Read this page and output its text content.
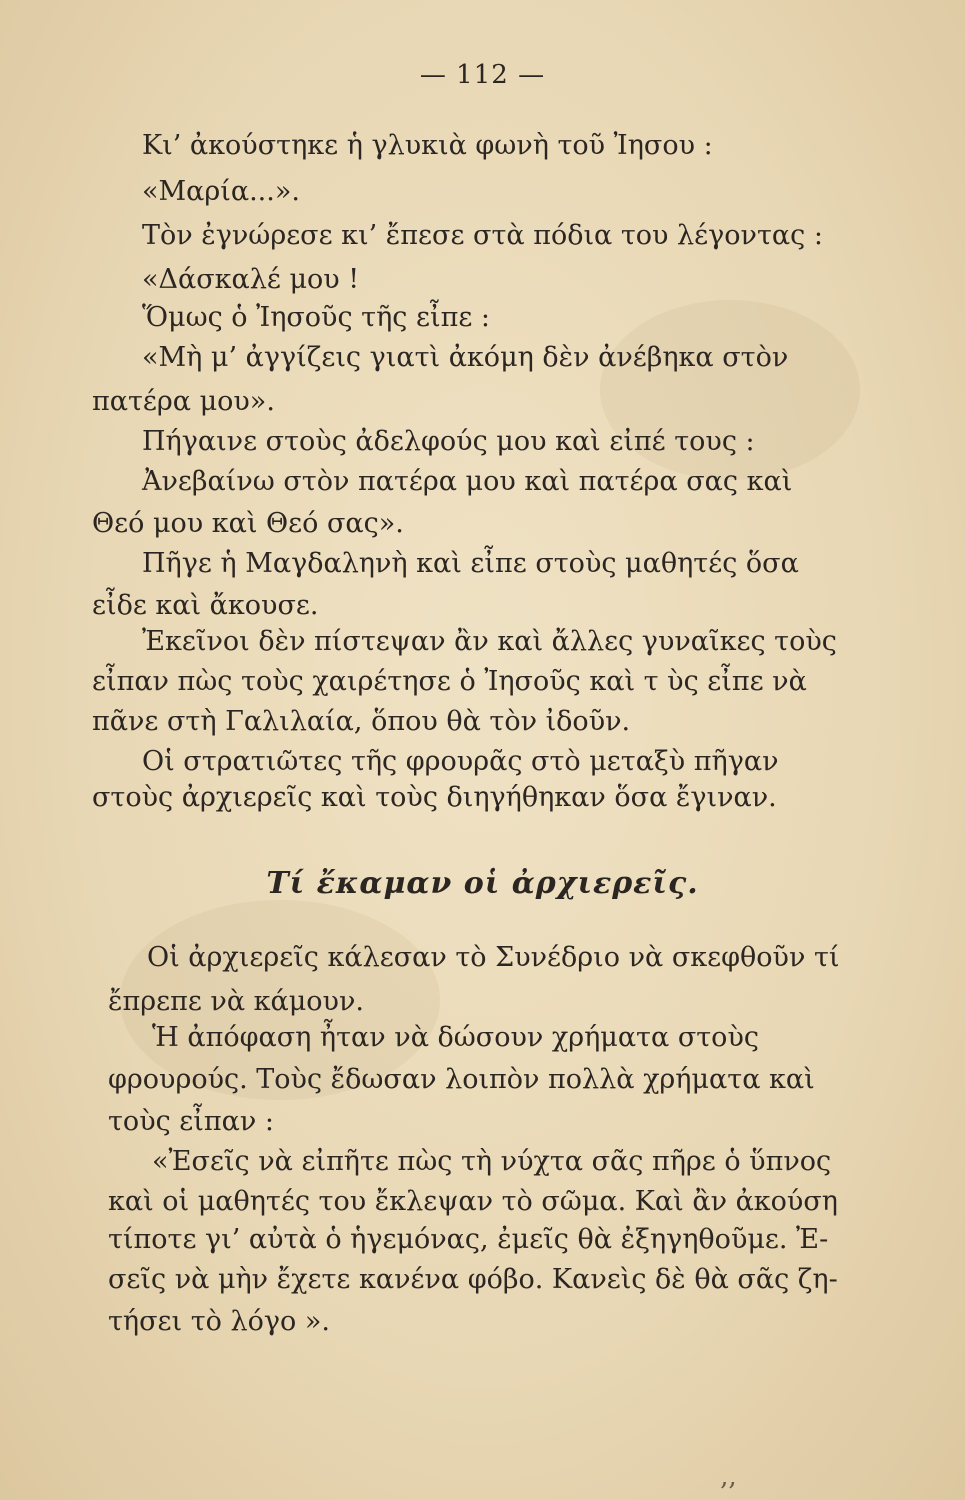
— 112 —
Κι’ ἀκούστηκε ἡ γλυκιὰ φωνὴ τοῦ Ἰησου :
«Μαρία...».
Τὸν ἐγνώρεσε κι’ ἔπεσε στὰ πόδια του λέγοντας :
«Δάσκαλέ μου !
Ὅμως ὁ Ἰησοῦς τῆς εἶπε :
«Μὴ μ’ ἀγγίζεις γιατὶ ἀκόμη δὲν ἀνέβηκα στὸν
πατέρα μου».
Πήγαινε στοὺς ἀδελφούς μου καὶ εἰπέ τους :
Ἀνεβαίνω στὸν πατέρα μου καὶ πατέρα σας καὶ
Θεό μου καὶ Θεό σας».
Πῆγε ἡ Μαγδαληνὴ καὶ εἶπε στοὺς μαθητές ὅσα
εἶδε καὶ ἄκουσε.
Ἐκεῖνοι δὲν πίστεψαν ἂν καὶ ἄλλες γυναῖκες τοὺς
εἶπαν πὼς τοὺς χαιρέτησε ὁ Ἰησοῦς καὶ τ ὺς εἶπε νὰ
πᾶνε στὴ Γαλιλαία, ὅπου θὰ τὸν ἰδοῦν.
Οἱ στρατιῶτες τῆς φρουρᾶς στὸ μεταξὺ πῆγαν
στοὺς ἀρχιερεῖς καὶ τοὺς διηγήθηκαν ὅσα ἔγιναν.
Τί ἔκαμαν οἱ ἀρχιερεῖς.
Οἱ ἀρχιερεῖς κάλεσαν τὸ Συνέδριο νὰ σκεφθοῦν τί
ἔπρεπε νὰ κάμουν.
Ἡ ἀπόφαση ἦταν νὰ δώσουν χρήματα στοὺς
φρουρούς. Τοὺς ἔδωσαν λοιπὸν πολλὰ χρήματα καὶ
τοὺς εἶπαν :
«Ἐσεῖς νὰ εἰπῆτε πὼς τὴ νύχτα σᾶς πῆρε ὁ ὕπνος
καὶ οἱ μαθητές του ἔκλεψαν τὸ σῶμα. Καὶ ἂν ἀκούση
τίποτε γι’ αὐτὰ ὁ ἡγεμόνας, ἐμεῖς θὰ ἐξηγηθοῦμε. Ἐ-
σεῖς νὰ μὴν ἔχετε κανένα φόβο. Κανεὶς δὲ θὰ σᾶς ζη-
τήσει τὸ λόγο ».
‚‚
